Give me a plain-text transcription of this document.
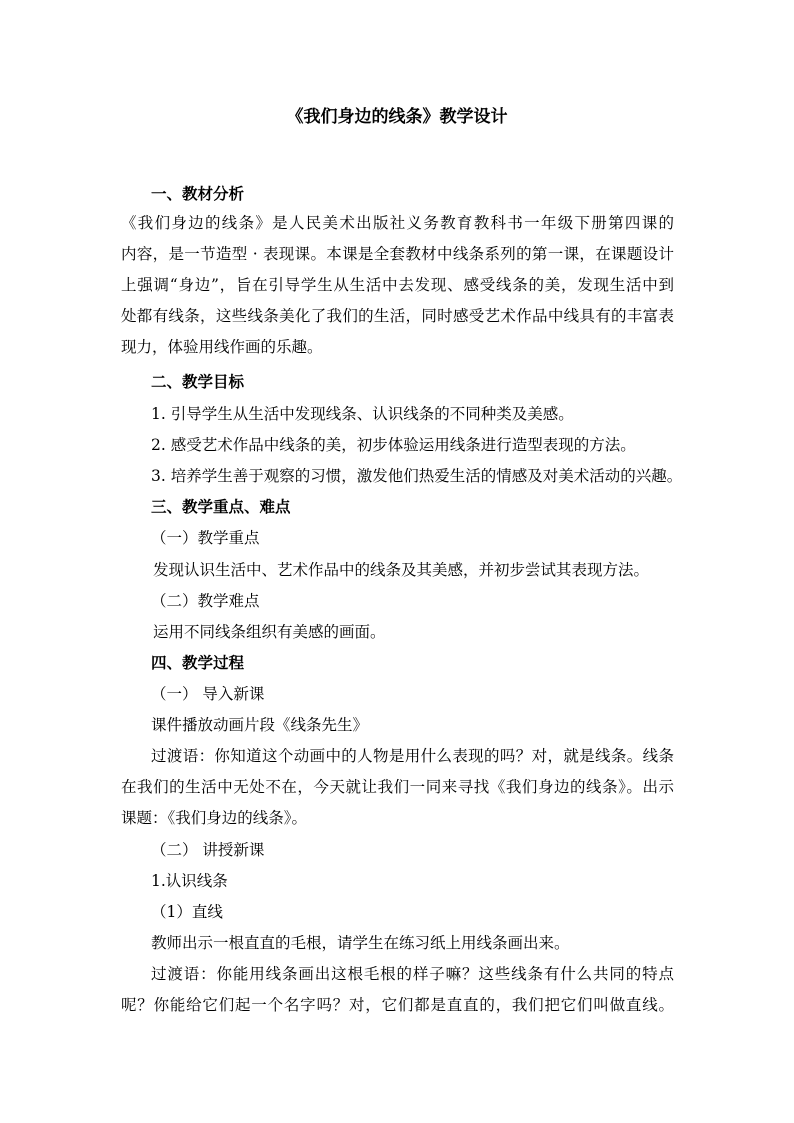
《我们身边的线条》教学设计
一、教材分析
《我们身边的线条》是人民美术出版社义务教育教科书一年级下册第四课的
内容，是一节造型 · 表现课。本课是全套教材中线条系列的第一课，在课题设计
上强调“身边”，旨在引导学生从生活中去发现、感受线条的美，发现生活中到
处都有线条，这些线条美化了我们的生活，同时感受艺术作品中线具有的丰富表
现力，体验用线作画的乐趣。
二、教学目标
1. 引导学生从生活中发现线条、认识线条的不同种类及美感。
2. 感受艺术作品中线条的美，初步体验运用线条进行造型表现的方法。
3. 培养学生善于观察的习惯，激发他们热爱生活的情感及对美术活动的兴趣。
三、教学重点、难点
（一）教学重点
发现认识生活中、艺术作品中的线条及其美感，并初步尝试其表现方法。
（二）教学难点
运用不同线条组织有美感的画面。
四、教学过程
（一） 导入新课
课件播放动画片段《线条先生》
过渡语：你知道这个动画中的人物是用什么表现的吗？对，就是线条。线条
在我们的生活中无处不在，今天就让我们一同来寻找《我们身边的线条》。出示
课题：《我们身边的线条》。
（二） 讲授新课
1.认识线条
（1）直线
教师出示一根直直的毛根，请学生在练习纸上用线条画出来。
过渡语：你能用线条画出这根毛根的样子嘛？这些线条有什么共同的特点
呢？你能给它们起一个名字吗？对，它们都是直直的，我们把它们叫做直线。
